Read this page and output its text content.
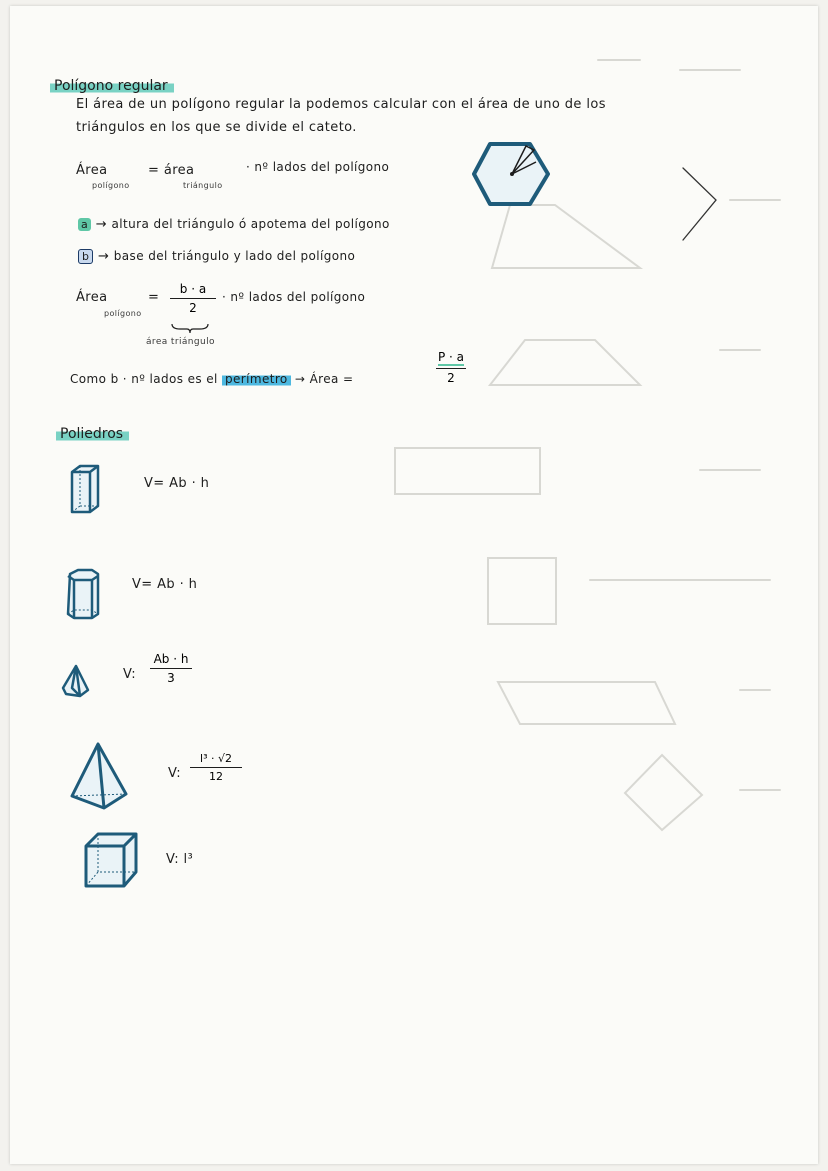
Polígono regular
El área de un polígono regular la podemos calcular con el área de uno de los
triángulos en los que se divide el cateto.
Área
polígono
= área
triángulo
· nº lados del polígono
a → altura del triángulo ó apotema del polígono
b → base del triángulo y lado del polígono
Área
polígono
=
b · a
2
· nº lados del polígono
área triángulo
Como b · nº lados es el perímetro → Área =	$\frac{P \cdot a}{2}$
Poliedros
V= Ab · h
V= Ab · h
V:
Ab · h
3
V:
l³ · √2
12
V: l³
